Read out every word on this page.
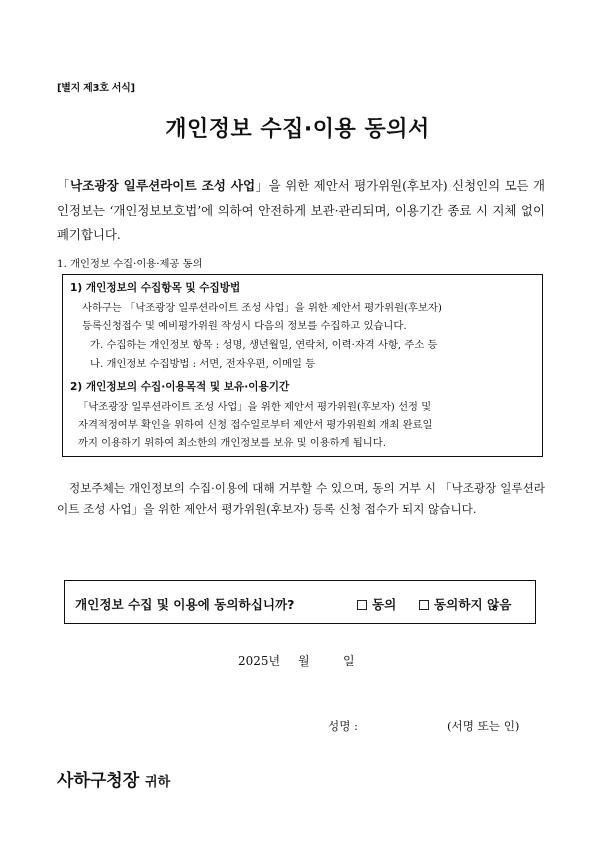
[별지 제3호 서식]
개인정보 수집·이용 동의서
「낙조광장 일루션라이트 조성 사업」을 위한 제안서 평가위원(후보자) 신청인의 모든 개인정보는 ‘개인정보보호법’에 의하여 안전하게 보관·관리되며, 이용기간 종료 시 지체 없이 폐기합니다.
1. 개인정보 수집·이용·제공 동의
1) 개인정보의 수집항목 및 수집방법
사하구는 「낙조광장 일루션라이트 조성 사업」을 위한 제안서 평가위원(후보자)
등록신청접수 및 예비평가위원 작성시 다음의 정보를 수집하고 있습니다.
가. 수집하는 개인정보 항목 : 성명, 생년월일, 연락처, 이력·자격 사항, 주소 등
나. 개인정보 수집방법 : 서면, 전자우편, 이메일 등
2) 개인정보의 수집·이용목적 및 보유·이용기간
「낙조광장 일루션라이트 조성 사업」을 위한 제안서 평가위원(후보자) 선정 및
자격적정여부 확인을 위하여 신청 접수일로부터 제안서 평가위원회 개최 완료일
까지 이용하기 위하여 최소한의 개인정보를 보유 및 이용하게 됩니다.
정보주체는 개인정보의 수집·이용에 대해 거부할 수 있으며, 동의 거부 시 「낙조광장 일루션라이트 조성 사업」을 위한 제안서 평가위원(후보자) 등록 신청 접수가 되지 않습니다.
개인정보 수집 및 이용에 동의하십니까?	동의	동의하지 않음
2025년 월	일
성명 :	(서명 또는 인)
사하구청장 귀하
